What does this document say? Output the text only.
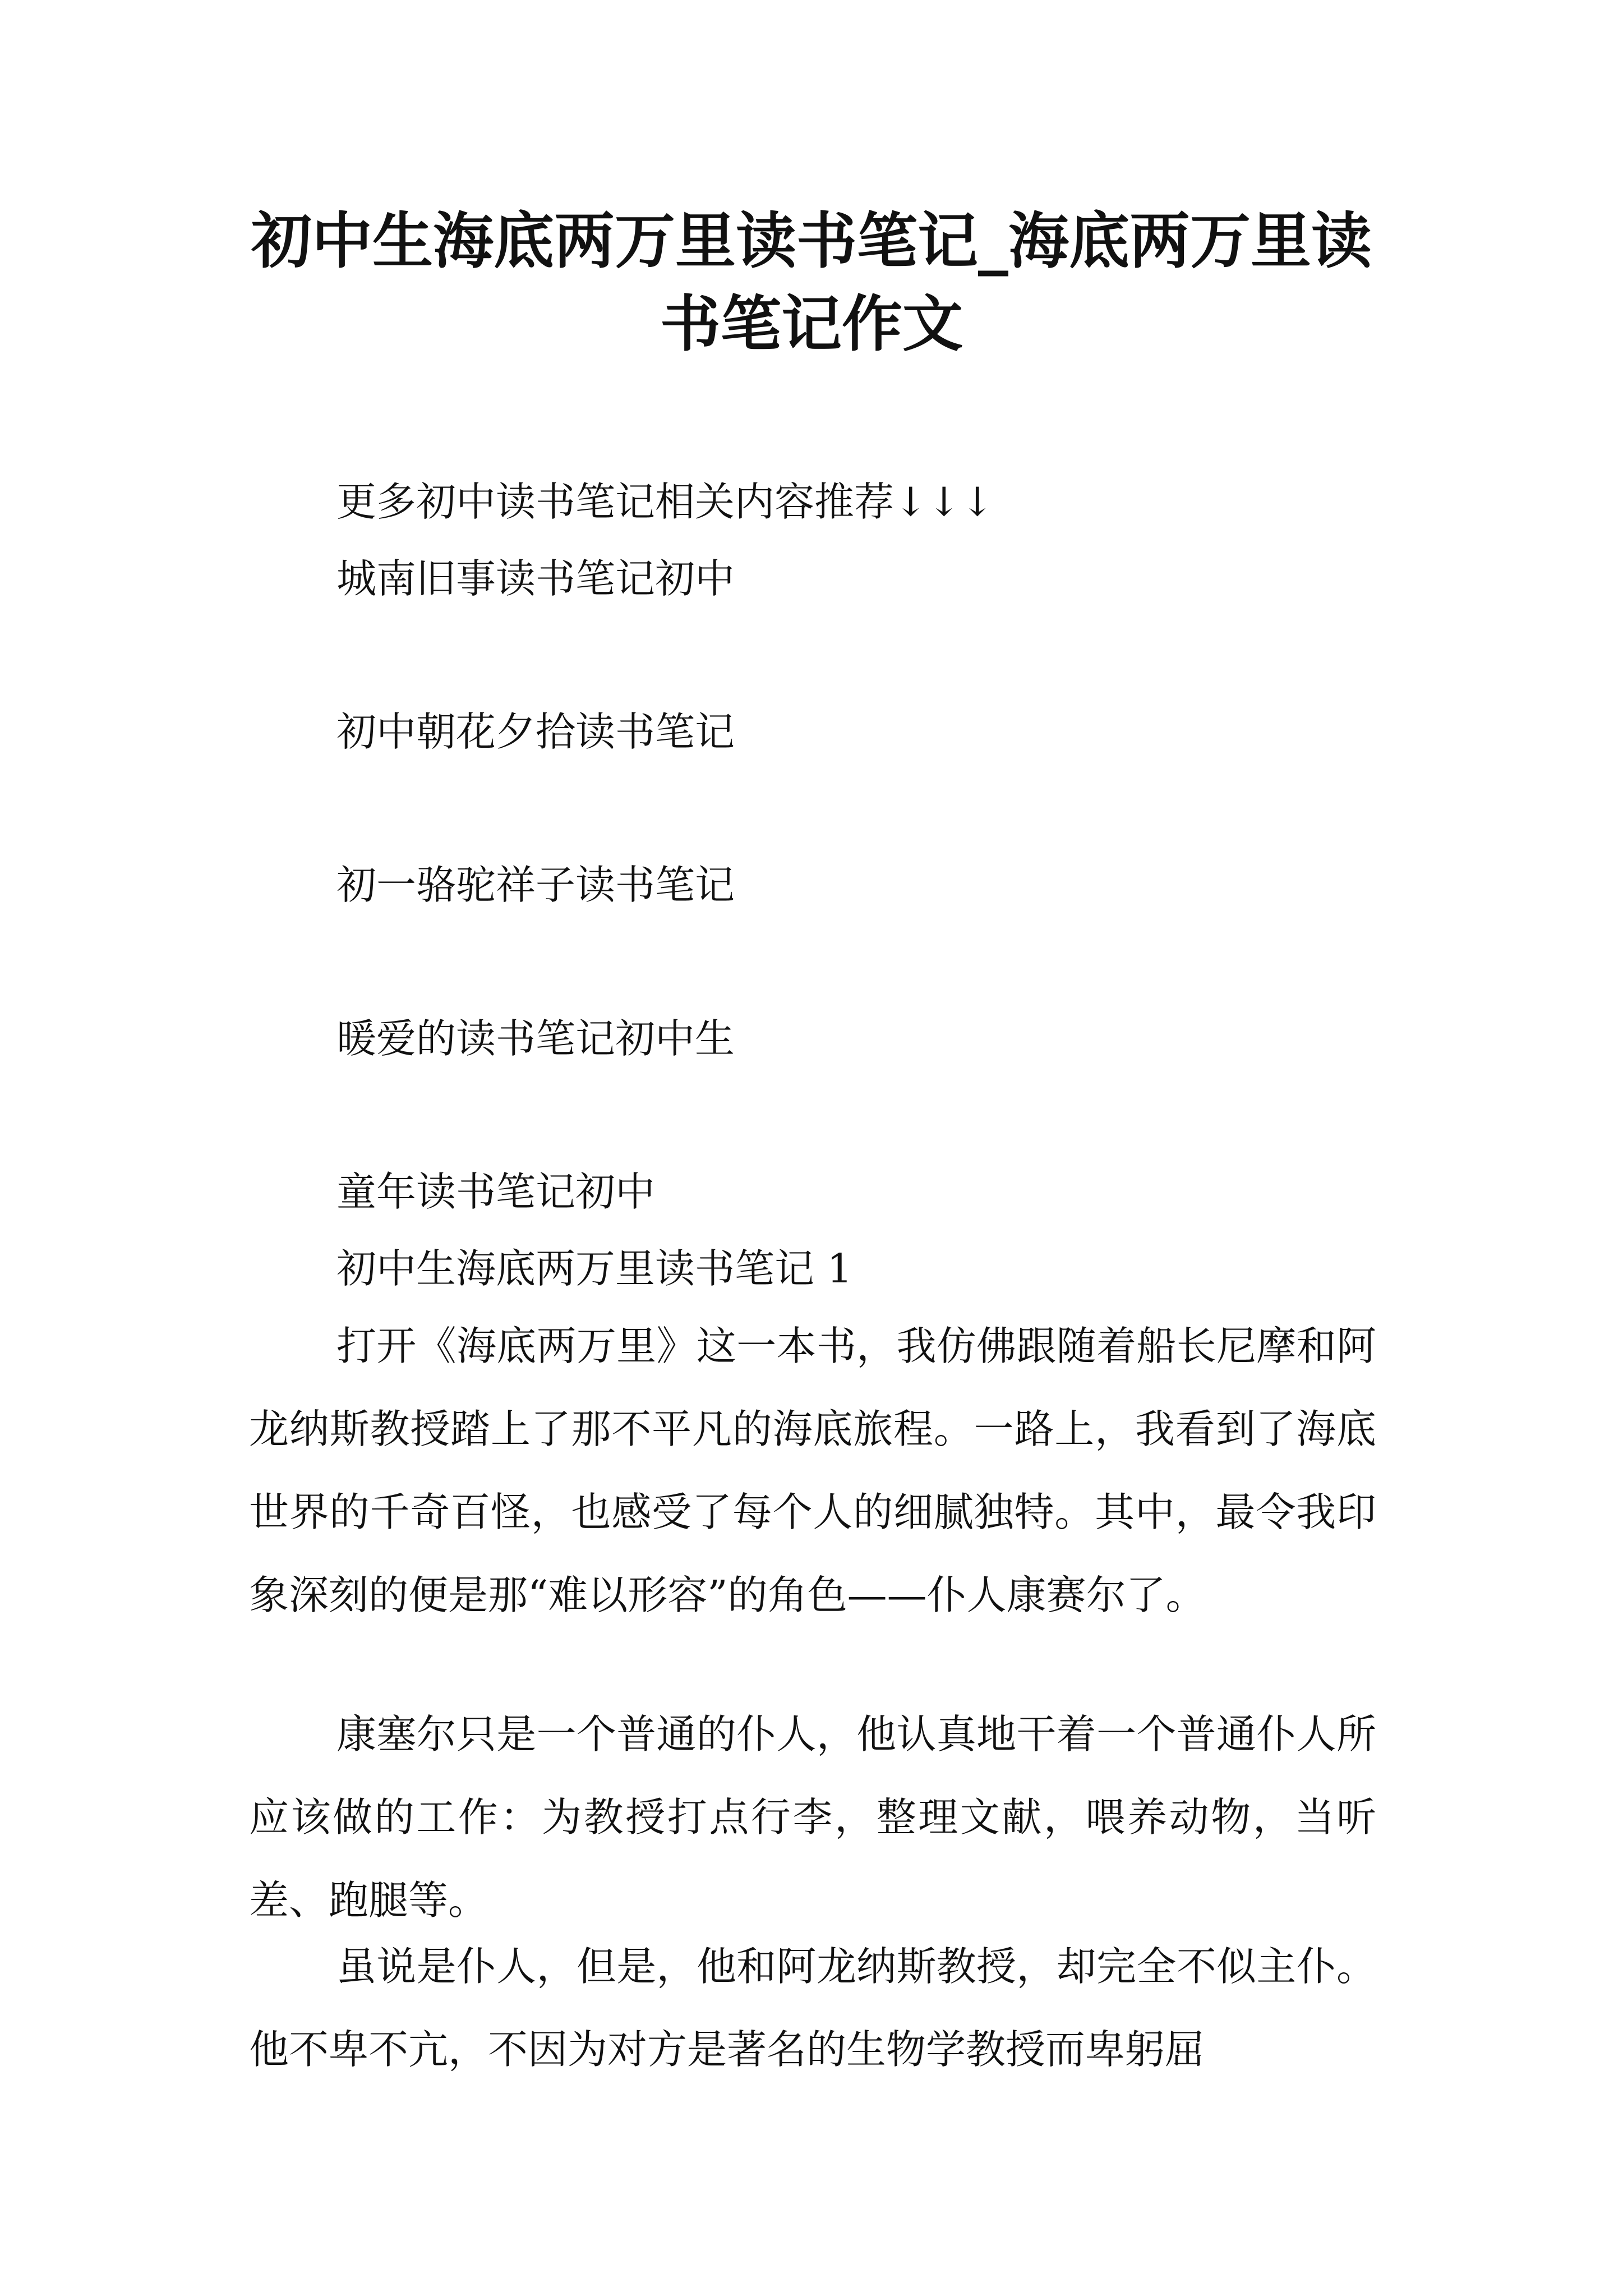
初中生海底两万里读书笔记_海底两万里读
书笔记作文

更多初中读书笔记相关内容推荐↓↓↓

城南旧事读书笔记初中
初中朝花夕拾读书笔记
初一骆驼祥子读书笔记
暖爱的读书笔记初中生
童年读书笔记初中

初中生海底两万里读书笔记 1

打开《海底两万里》这一本书，我仿佛跟随着船长尼摩和阿龙纳斯教授踏上了那不平凡的海底旅程。一路上，我看到了海底世界的千奇百怪，也感受了每个人的细腻独特。其中，最令我印象深刻的便是那“难以形容”的角色——仆人康赛尔了。

康塞尔只是一个普通的仆人，他认真地干着一个普通仆人所应该做的工作：为教授打点行李，整理文献，喂养动物，当听差、跑腿等。

虽说是仆人，但是，他和阿龙纳斯教授，却完全不似主仆。他不卑不亢，不因为对方是著名的生物学教授而卑躬屈
